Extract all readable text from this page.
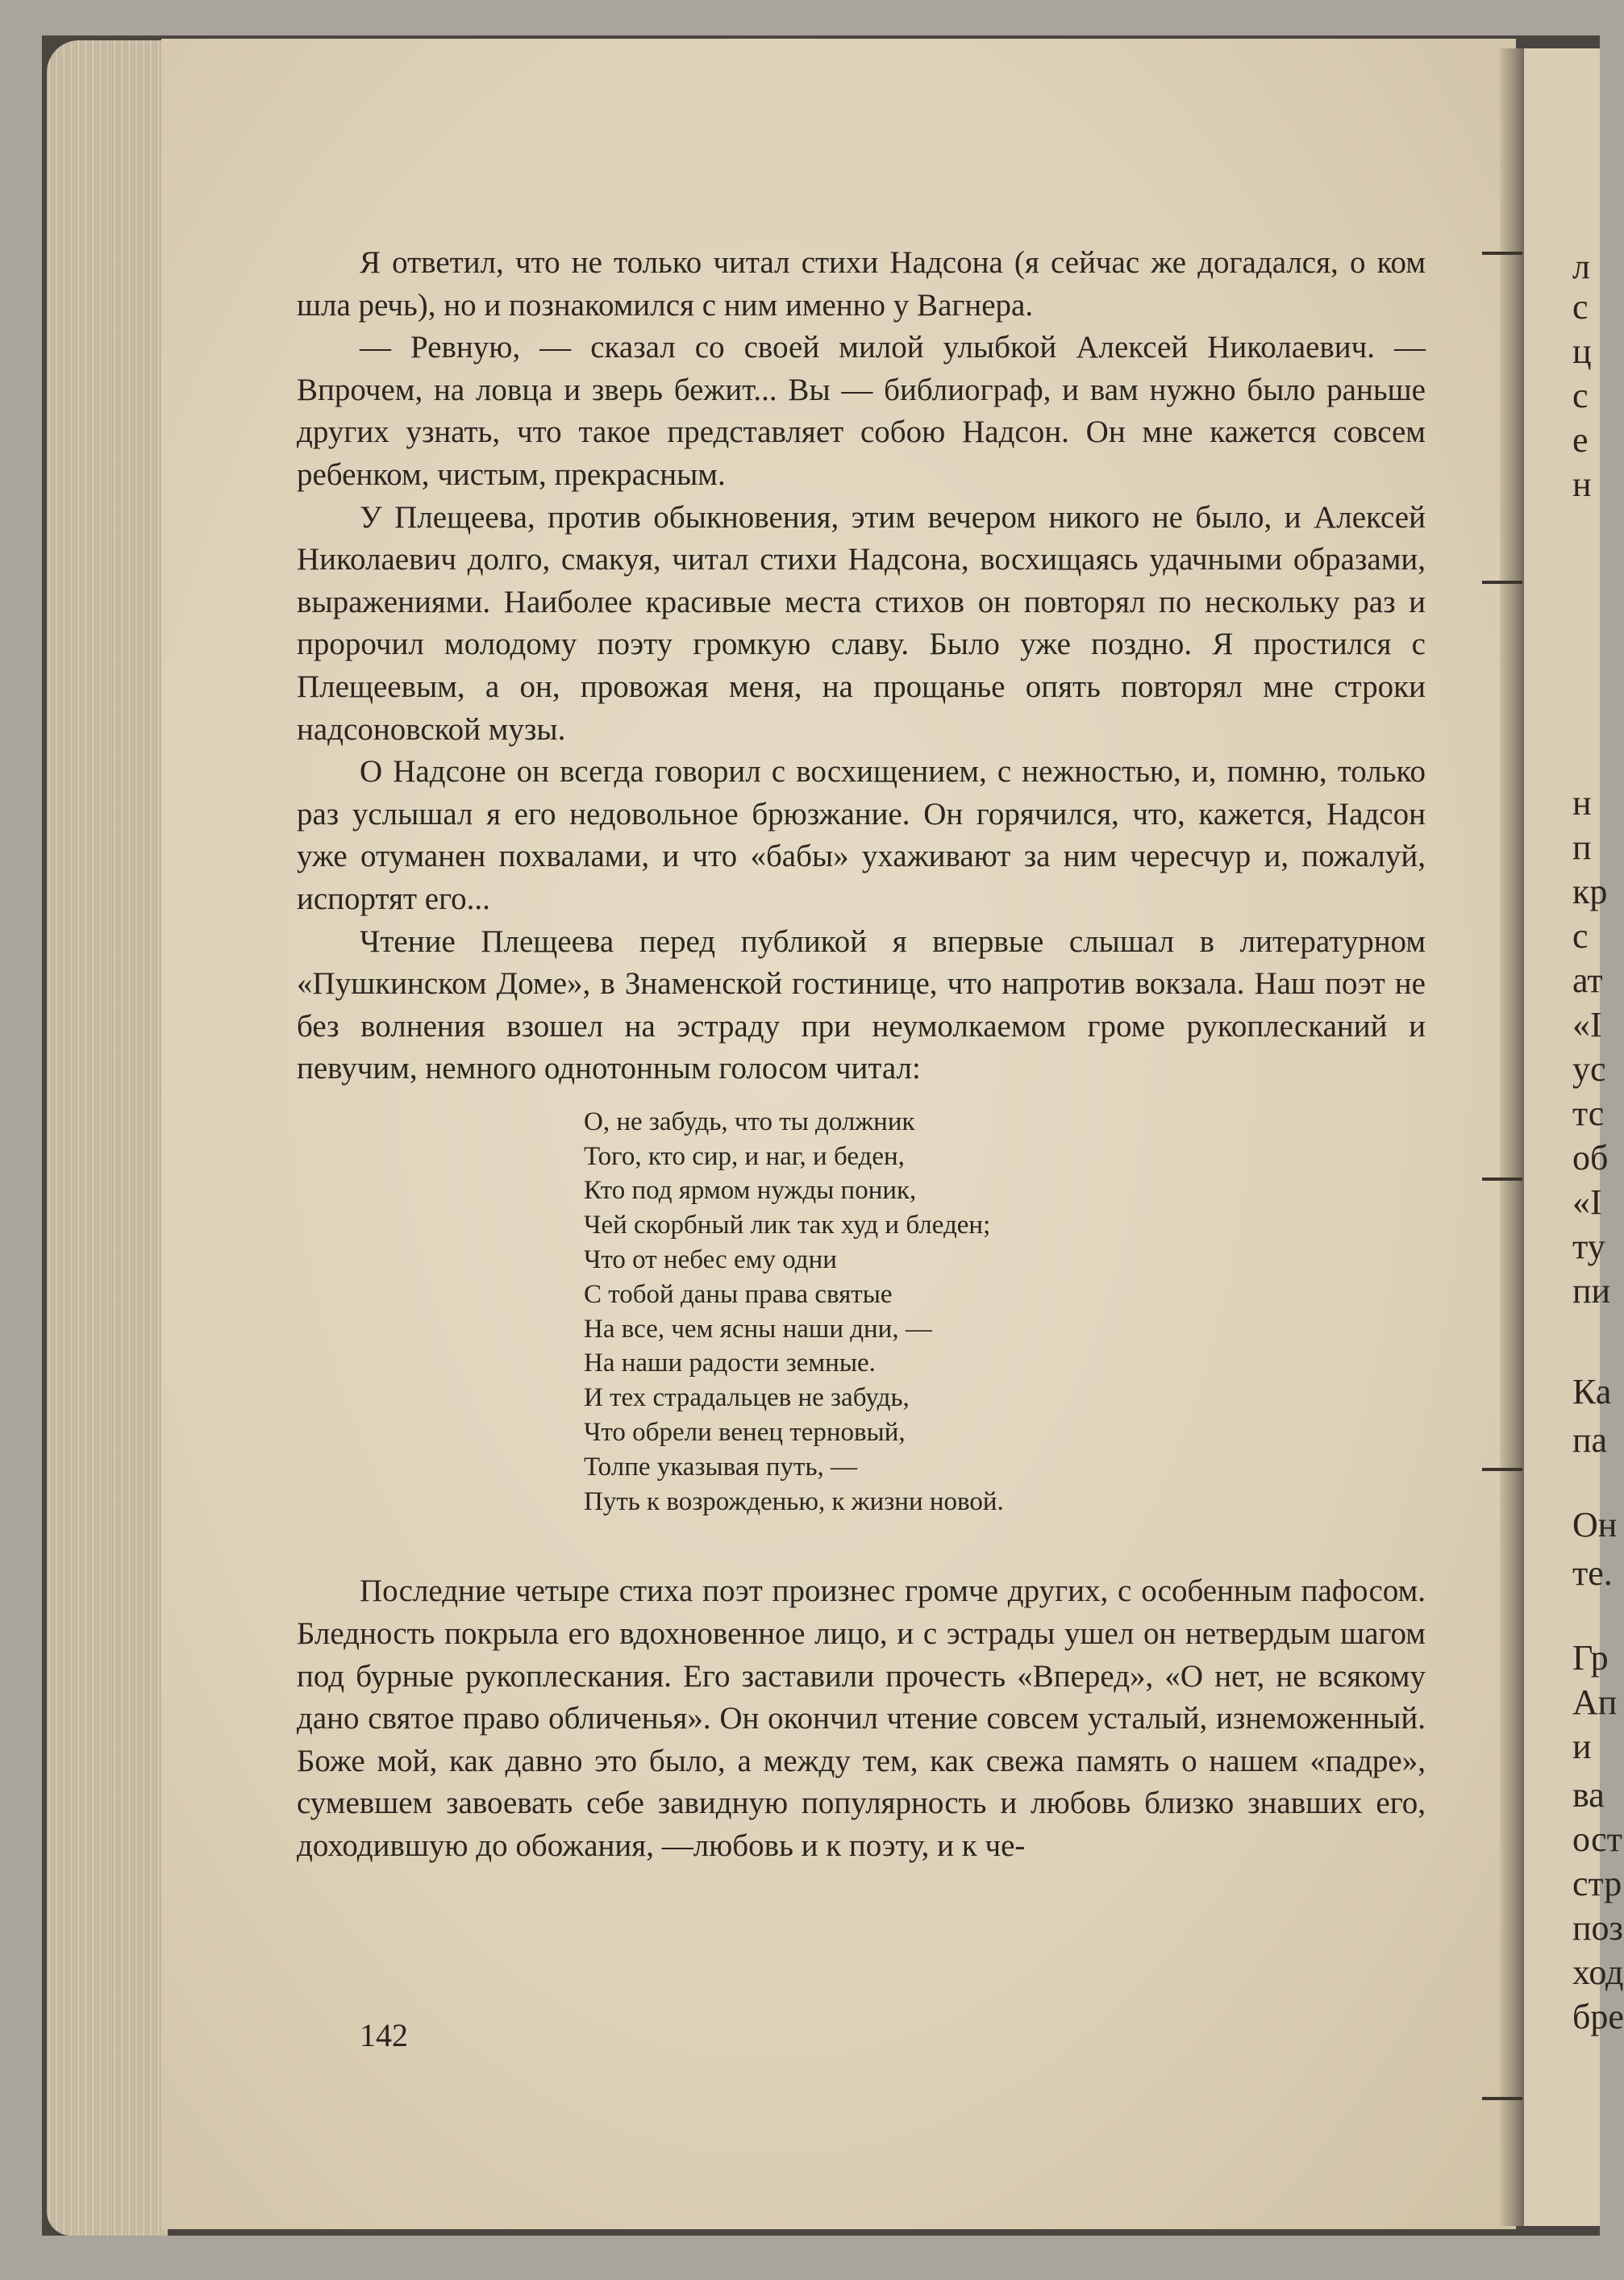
л
с
ц
с
е
н
н
п
кр
с
ат
«І
ус
тс
об
«І
ту
пи
Ка
па
Он
те.
Гр
Ап
и
ва
ост
стр
поз
ход
бре

Я ответил, что не только читал стихи Надсона (я сейчас же догадался, о ком шла речь), но и познакомился с ним именно у Вагнера.

— Ревную, — сказал со своей милой улыбкой Алексей Николаевич. — Впрочем, на ловца и зверь бежит... Вы — библиограф, и вам нужно было раньше других узнать, что такое представляет собою Надсон. Он мне кажется совсем ребенком, чистым, прекрасным.

У Плещеева, против обыкновения, этим вечером никого не было, и Алексей Николаевич долго, смакуя, читал стихи Надсона, восхищаясь удачными образами, выражениями. Наиболее красивые места стихов он повторял по нескольку раз и пророчил молодому поэту громкую славу. Было уже поздно. Я простился с Плещеевым, а он, провожая меня, на прощанье опять повторял мне строки надсоновской музы.

О Надсоне он всегда говорил с восхищением, с нежностью, и, помню, только раз услышал я его недовольное брюзжание. Он горячился, что, кажется, Надсон уже отуманен похвалами, и что «бабы» ухаживают за ним чересчур и, пожалуй, испортят его...

Чтение Плещеева перед публикой я впервые слышал в литературном «Пушкинском Доме», в Знаменской гостинице, что напротив вокзала. Наш поэт не без волнения взошел на эстраду при неумолкаемом громе рукоплесканий и певучим, немного однотонным голосом читал:

О, не забудь, что ты должник
Того, кто сир, и наг, и беден,
Кто под ярмом нужды поник,
Чей скорбный лик так худ и бледен;
Что от небес ему одни
С тобой даны права святые
На все, чем ясны наши дни, —
На наши радости земные.
И тех страдальцев не забудь,
Что обрели венец терновый,
Толпе указывая путь, —
Путь к возрожденью, к жизни новой.

Последние четыре стиха поэт произнес громче других, с особенным пафосом. Бледность покрыла его вдохновенное лицо, и с эстрады ушел он нетвердым шагом под бурные рукоплескания. Его заставили прочесть «Вперед», «О нет, не всякому дано святое право обличенья». Он окончил чтение совсем усталый, изнеможенный. Боже мой, как давно это было, а между тем, как свежа память о нашем «падре», сумевшем завоевать себе завидную популярность и любовь близко знавших его, доходившую до обожания, —любовь и к поэту, и к че-

142
